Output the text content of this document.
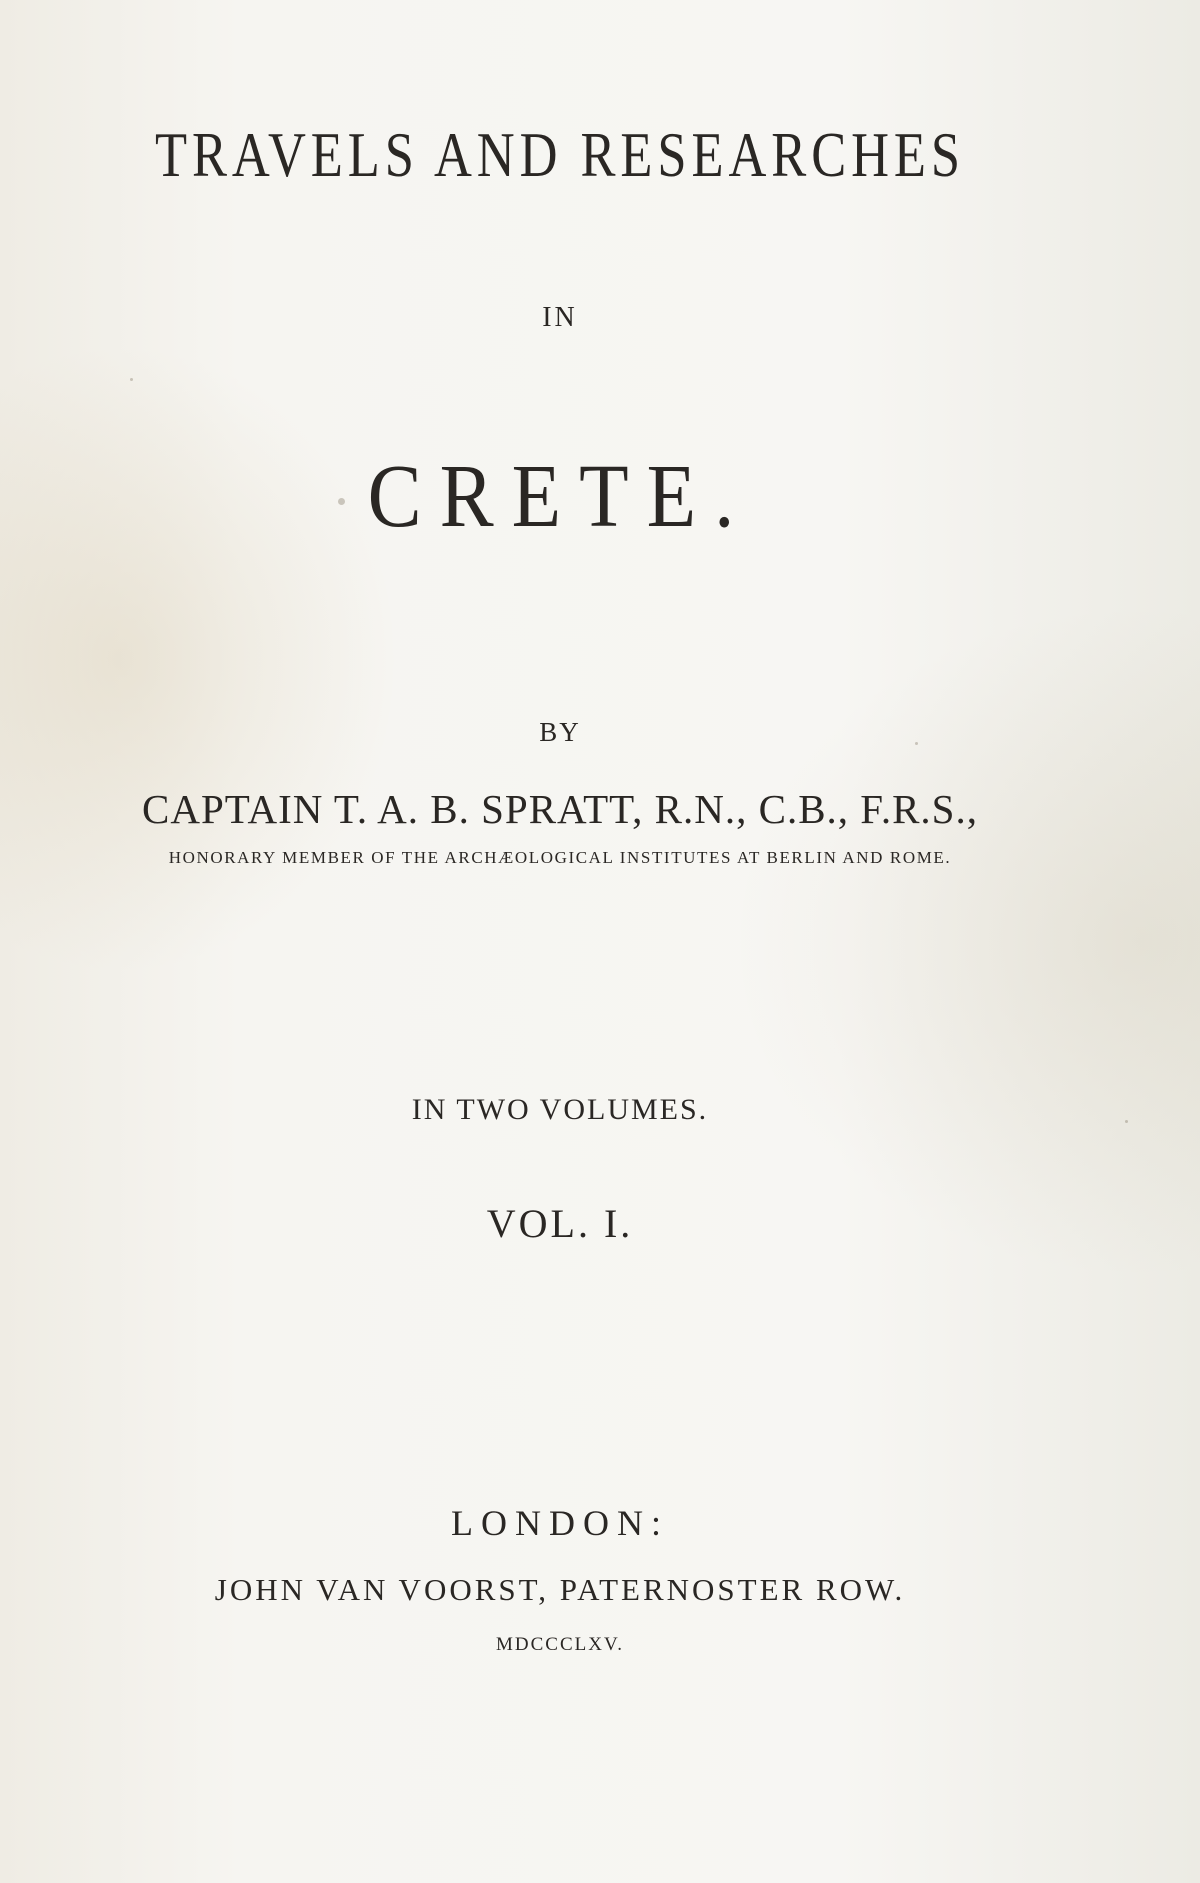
TRAVELS AND RESEARCHES
IN
CRETE.
BY
CAPTAIN T. A. B. SPRATT, R.N., C.B., F.R.S.,
HONORARY MEMBER OF THE ARCHÆOLOGICAL INSTITUTES AT BERLIN AND ROME.
IN TWO VOLUMES.
VOL. I.
LONDON:
JOHN VAN VOORST, PATERNOSTER ROW.
MDCCCLXV.
